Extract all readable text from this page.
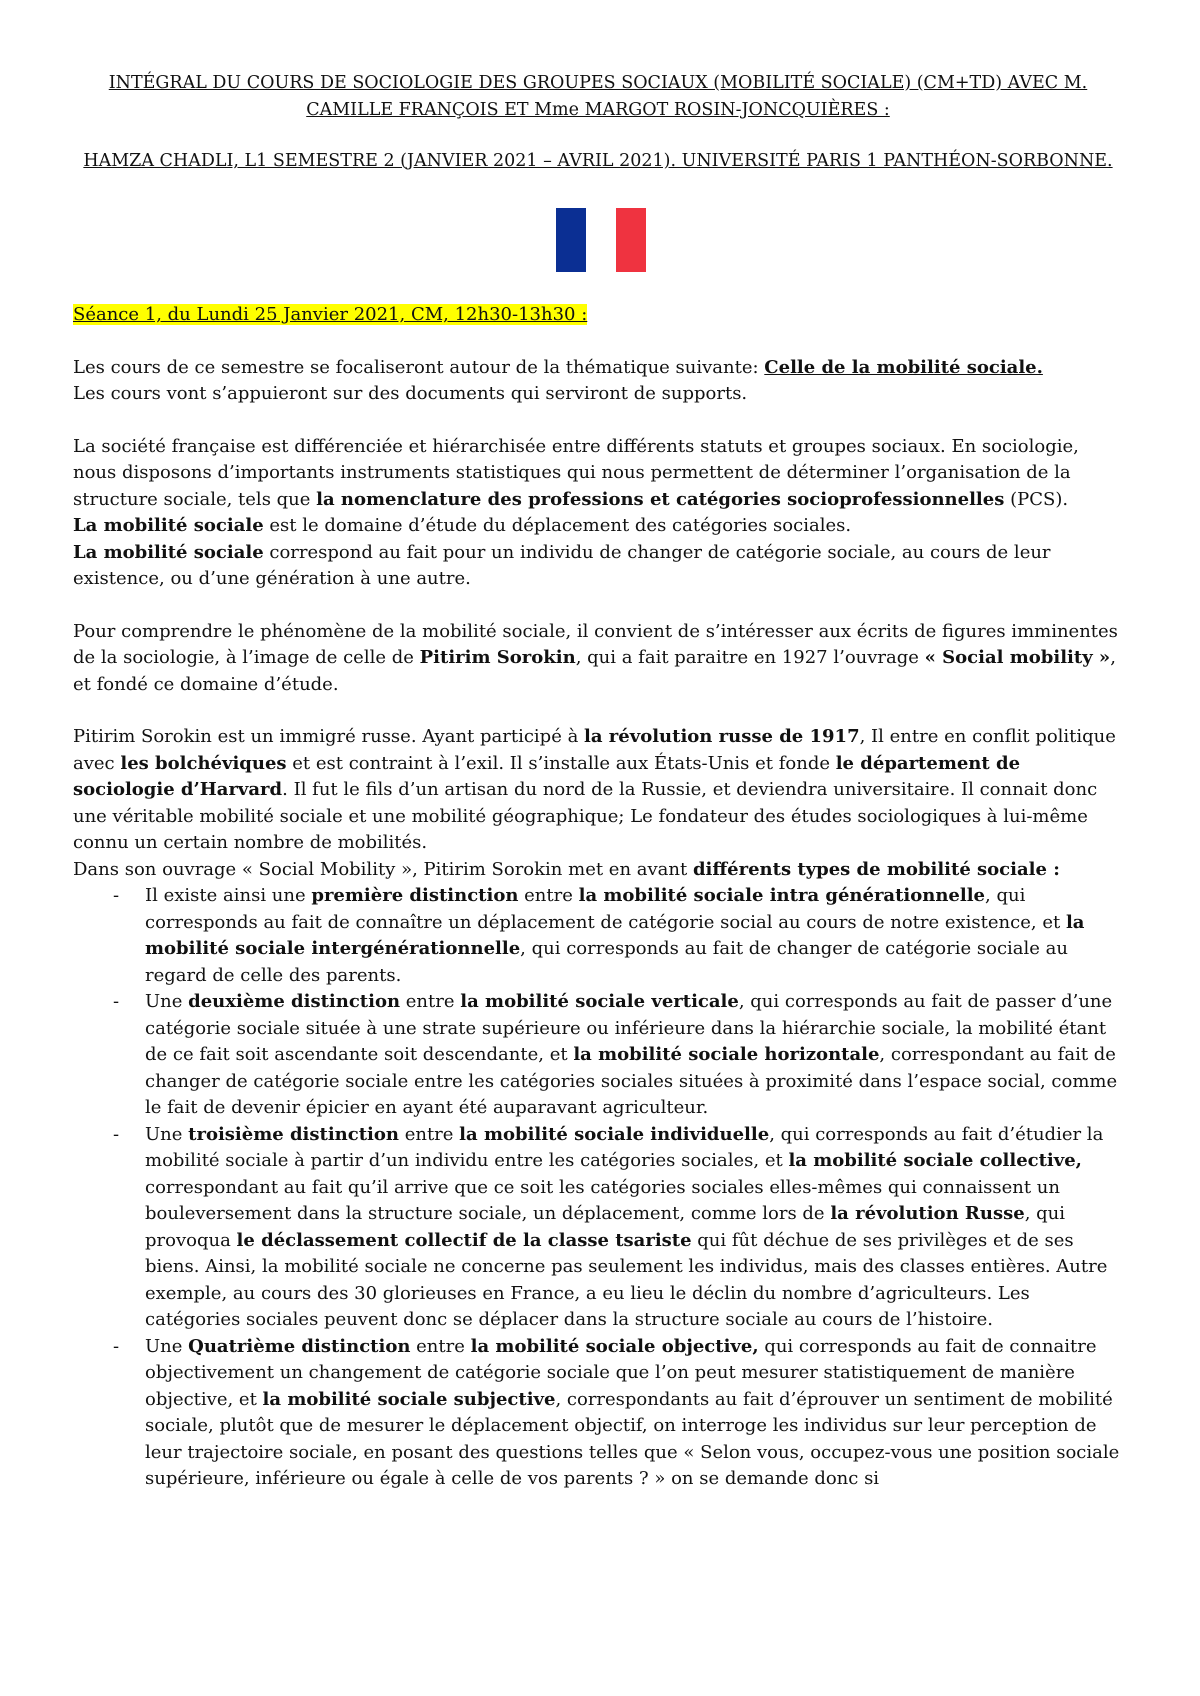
INTÉGRAL DU COURS DE SOCIOLOGIE DES GROUPES SOCIAUX (MOBILITÉ SOCIALE) (CM+TD) AVEC M. CAMILLE FRANÇOIS ET Mme MARGOT ROSIN-JONCQUIÈRES :

HAMZA CHADLI, L1 SEMESTRE 2 (JANVIER 2021 – AVRIL 2021). UNIVERSITÉ PARIS 1 PANTHÉON-SORBONNE.

Séance 1, du Lundi 25 Janvier 2021, CM, 12h30-13h30 :

Les cours de ce semestre se focaliseront autour de la thématique suivante: Celle de la mobilité sociale.
Les cours vont s’appuieront sur des documents qui serviront de supports.

La société française est différenciée et hiérarchisée entre différents statuts et groupes sociaux. En sociologie, nous disposons d’importants instruments statistiques qui nous permettent de déterminer l’organisation de la structure sociale, tels que la nomenclature des professions et catégories socioprofessionnelles (PCS).
La mobilité sociale est le domaine d’étude du déplacement des catégories sociales.
La mobilité sociale correspond au fait pour un individu de changer de catégorie sociale, au cours de leur existence, ou d’une génération à une autre.

Pour comprendre le phénomène de la mobilité sociale, il convient de s’intéresser aux écrits de figures imminentes de la sociologie, à l’image de celle de Pitirim Sorokin, qui a fait paraitre en 1927 l’ouvrage « Social mobility », et fondé ce domaine d’étude.

Pitirim Sorokin est un immigré russe. Ayant participé à la révolution russe de 1917, Il entre en conflit politique avec les bolchéviques et est contraint à l’exil. Il s’installe aux États-Unis et fonde le département de sociologie d’Harvard. Il fut le fils d’un artisan du nord de la Russie, et deviendra universitaire. Il connait donc une véritable mobilité sociale et une mobilité géographique; Le fondateur des études sociologiques à lui-même connu un certain nombre de mobilités.
Dans son ouvrage « Social Mobility », Pitirim Sorokin met en avant différents types de mobilité sociale :

- Il existe ainsi une première distinction entre la mobilité sociale intra générationnelle, qui corresponds au fait de connaître un déplacement de catégorie social au cours de notre existence, et la mobilité sociale intergénérationnelle, qui corresponds au fait de changer de catégorie sociale au regard de celle des parents.
- Une deuxième distinction entre la mobilité sociale verticale, qui corresponds au fait de passer d’une catégorie sociale située à une strate supérieure ou inférieure dans la hiérarchie sociale, la mobilité étant de ce fait soit ascendante soit descendante, et la mobilité sociale horizontale, correspondant au fait de changer de catégorie sociale entre les catégories sociales situées à proximité dans l’espace social, comme le fait de devenir épicier en ayant été auparavant agriculteur.
- Une troisième distinction entre la mobilité sociale individuelle, qui corresponds au fait d’étudier la mobilité sociale à partir d’un individu entre les catégories sociales, et la mobilité sociale collective, correspondant au fait qu’il arrive que ce soit les catégories sociales elles-mêmes qui connaissent un bouleversement dans la structure sociale, un déplacement, comme lors de la révolution Russe, qui provoqua le déclassement collectif de la classe tsariste qui fût déchue de ses privilèges et de ses biens. Ainsi, la mobilité sociale ne concerne pas seulement les individus, mais des classes entières. Autre exemple, au cours des 30 glorieuses en France, a eu lieu le déclin du nombre d’agriculteurs. Les catégories sociales peuvent donc se déplacer dans la structure sociale au cours de l’histoire.
- Une Quatrième distinction entre la mobilité sociale objective, qui corresponds au fait de connaitre objectivement un changement de catégorie sociale que l’on peut mesurer statistiquement de manière objective, et la mobilité sociale subjective, correspondants au fait d’éprouver un sentiment de mobilité sociale, plutôt que de mesurer le déplacement objectif, on interroge les individus sur leur perception de leur trajectoire sociale, en posant des questions telles que « Selon vous, occupez-vous une position sociale supérieure, inférieure ou égale à celle de vos parents ? » on se demande donc si
